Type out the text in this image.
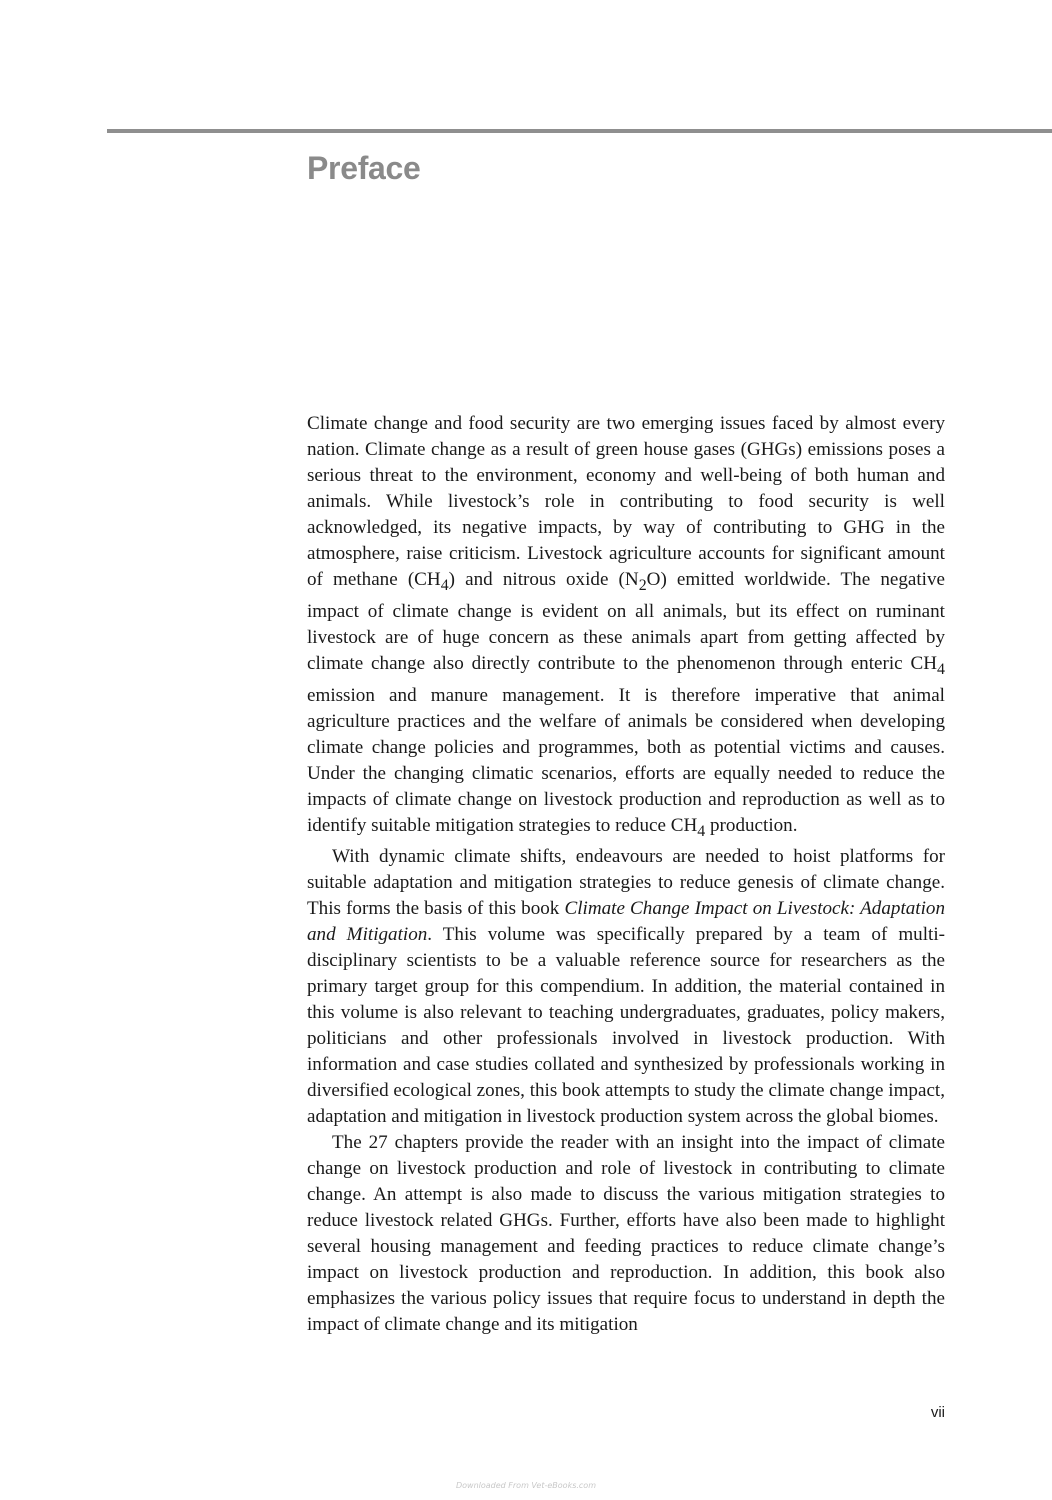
Preface

Climate change and food security are two emerging issues faced by almost every nation. Climate change as a result of green house gases (GHGs) emissions poses a serious threat to the environment, economy and well-being of both human and animals. While livestock’s role in contributing to food security is well acknowledged, its negative impacts, by way of contributing to GHG in the atmosphere, raise criticism. Livestock agriculture accounts for significant amount of methane $(CH_4)$ and nitrous oxide $(N_2O)$ emitted worldwide. The negative impact of climate change is evident on all animals, but its effect on ruminant livestock are of huge concern as these animals apart from getting affected by climate change also directly contribute to the phenomenon through enteric $CH_4$ emission and manure management. It is therefore imperative that animal agriculture practices and the welfare of animals be considered when developing climate change policies and programmes, both as potential victims and causes. Under the changing climatic scenarios, efforts are equally needed to reduce the impacts of climate change on livestock production and reproduction as well as to identify suitable mitigation strategies to reduce $CH_4$ production.

With dynamic climate shifts, endeavours are needed to hoist platforms for suitable adaptation and mitigation strategies to reduce genesis of climate change. This forms the basis of this book Climate Change Impact on Livestock: Adaptation and Mitigation. This volume was specifically prepared by a team of multi-disciplinary scientists to be a valuable reference source for researchers as the primary target group for this compendium. In addition, the material contained in this volume is also relevant to teaching undergraduates, graduates, policy makers, politicians and other professionals involved in livestock production. With information and case studies collated and synthesized by professionals working in diversified ecological zones, this book attempts to study the climate change impact, adaptation and mitigation in livestock production system across the global biomes.

The 27 chapters provide the reader with an insight into the impact of climate change on livestock production and role of livestock in contributing to climate change. An attempt is also made to discuss the various mitigation strategies to reduce livestock related GHGs. Further, efforts have also been made to highlight several housing management and feeding practices to reduce climate change’s impact on livestock production and reproduction. In addition, this book also emphasizes the various policy issues that require focus to understand in depth the impact of climate change and its mitigation

vii
Downloaded From Vet-eBooks.com
